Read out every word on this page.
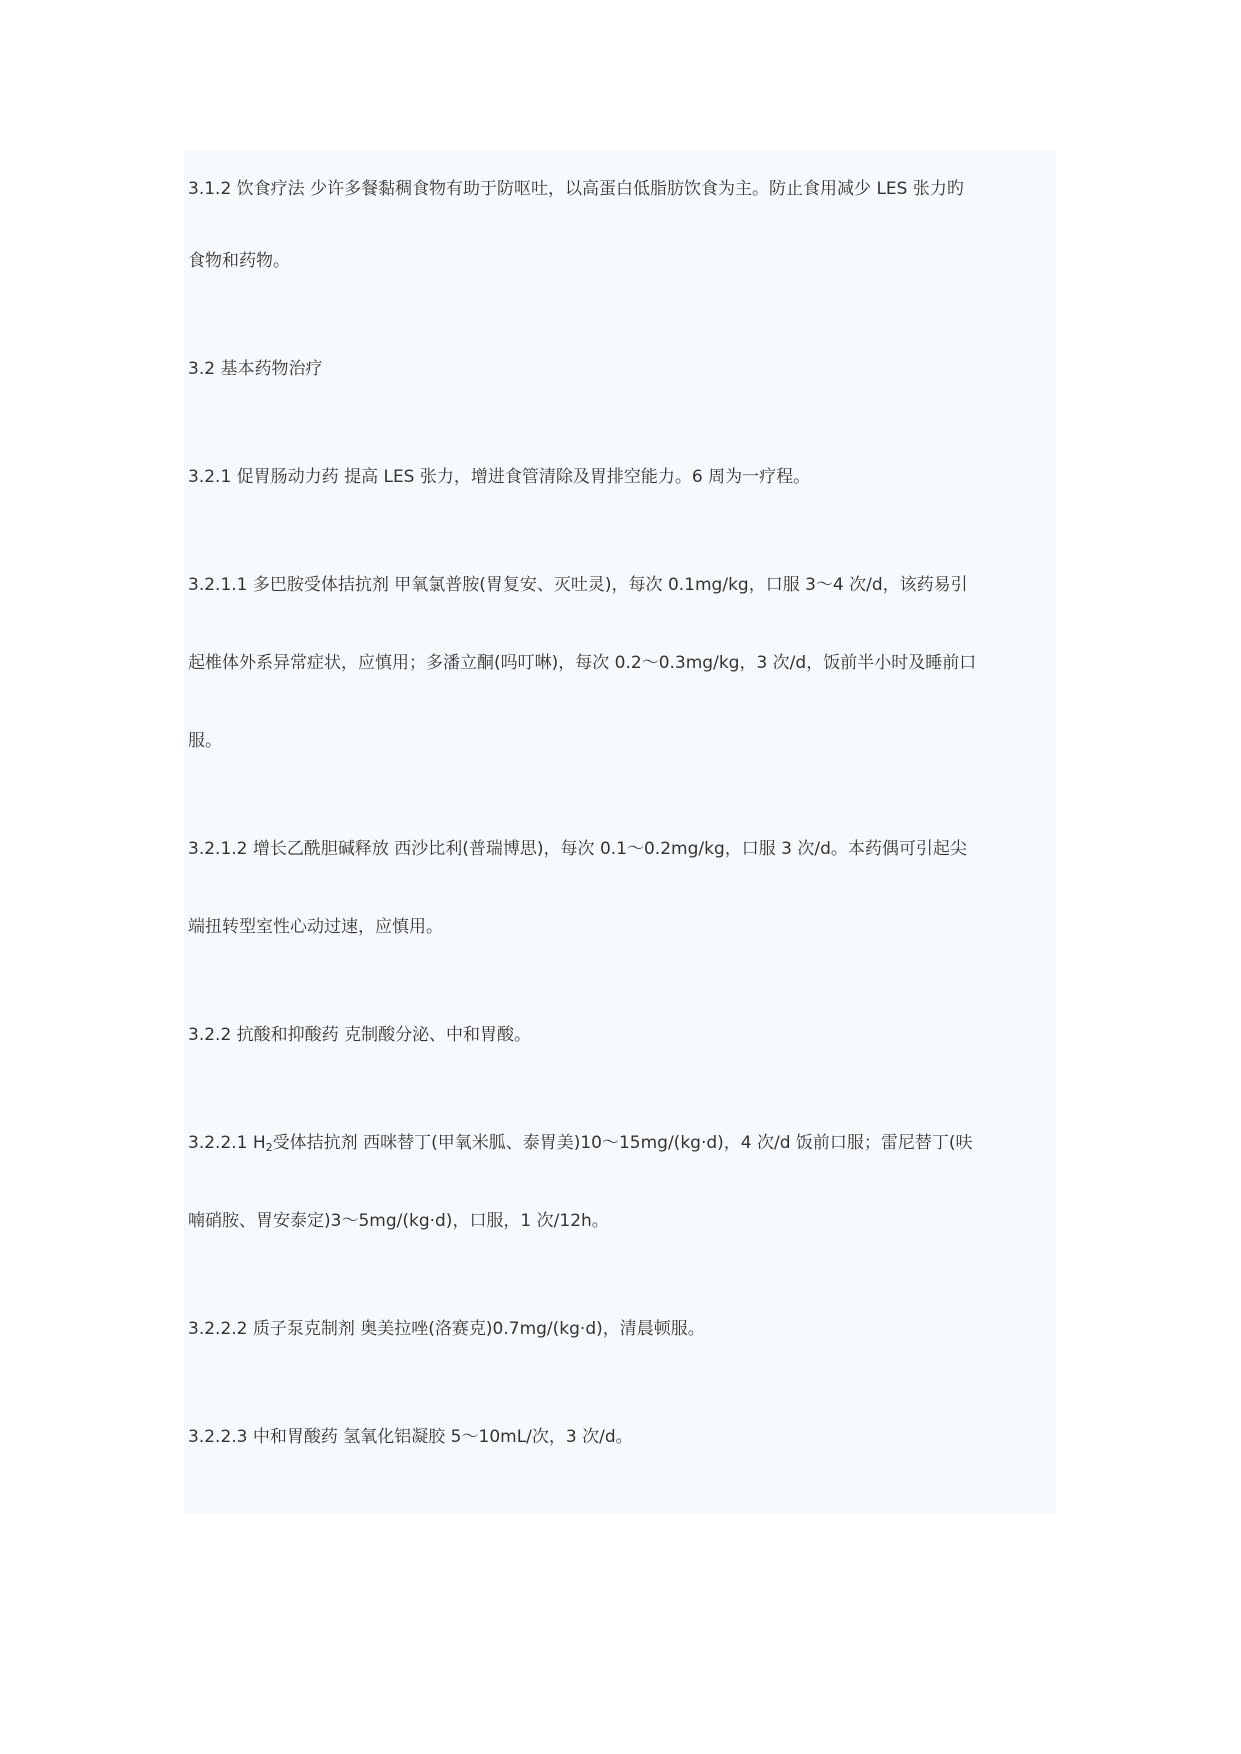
3.1.2 饮食疗法 少许多餐黏稠食物有助于防呕吐，以高蛋白低脂肪饮食为主。防止食用减少 LES 张力旳

食物和药物。

3.2 基本药物治疗

3.2.1 促胃肠动力药 提高 LES 张力，增进食管清除及胃排空能力。6 周为一疗程。

3.2.1.1 多巴胺受体拮抗剂 甲氧氯普胺(胃复安、灭吐灵)，每次 0.1mg/kg，口服 3～4 次/d，该药易引

起椎体外系异常症状，应慎用；多潘立酮(吗叮啉)，每次 0.2～0.3mg/kg，3 次/d，饭前半小时及睡前口

服。

3.2.1.2 增长乙酰胆碱释放 西沙比利(普瑞博思)，每次 0.1～0.2mg/kg，口服 3 次/d。本药偶可引起尖

端扭转型室性心动过速，应慎用。

3.2.2 抗酸和抑酸药 克制酸分泌、中和胃酸。

3.2.2.1 $H_2$受体拮抗剂 西咪替丁(甲氧米胍、泰胃美)10～15mg/(kg·d)，4 次/d 饭前口服；雷尼替丁(呋

喃硝胺、胃安泰定)3～5mg/(kg·d)，口服，1 次/12h。

3.2.2.2 质子泵克制剂 奥美拉唑(洛赛克)0.7mg/(kg·d)，清晨顿服。

3.2.2.3 中和胃酸药 氢氧化铝凝胶 5～10mL/次，3 次/d。
